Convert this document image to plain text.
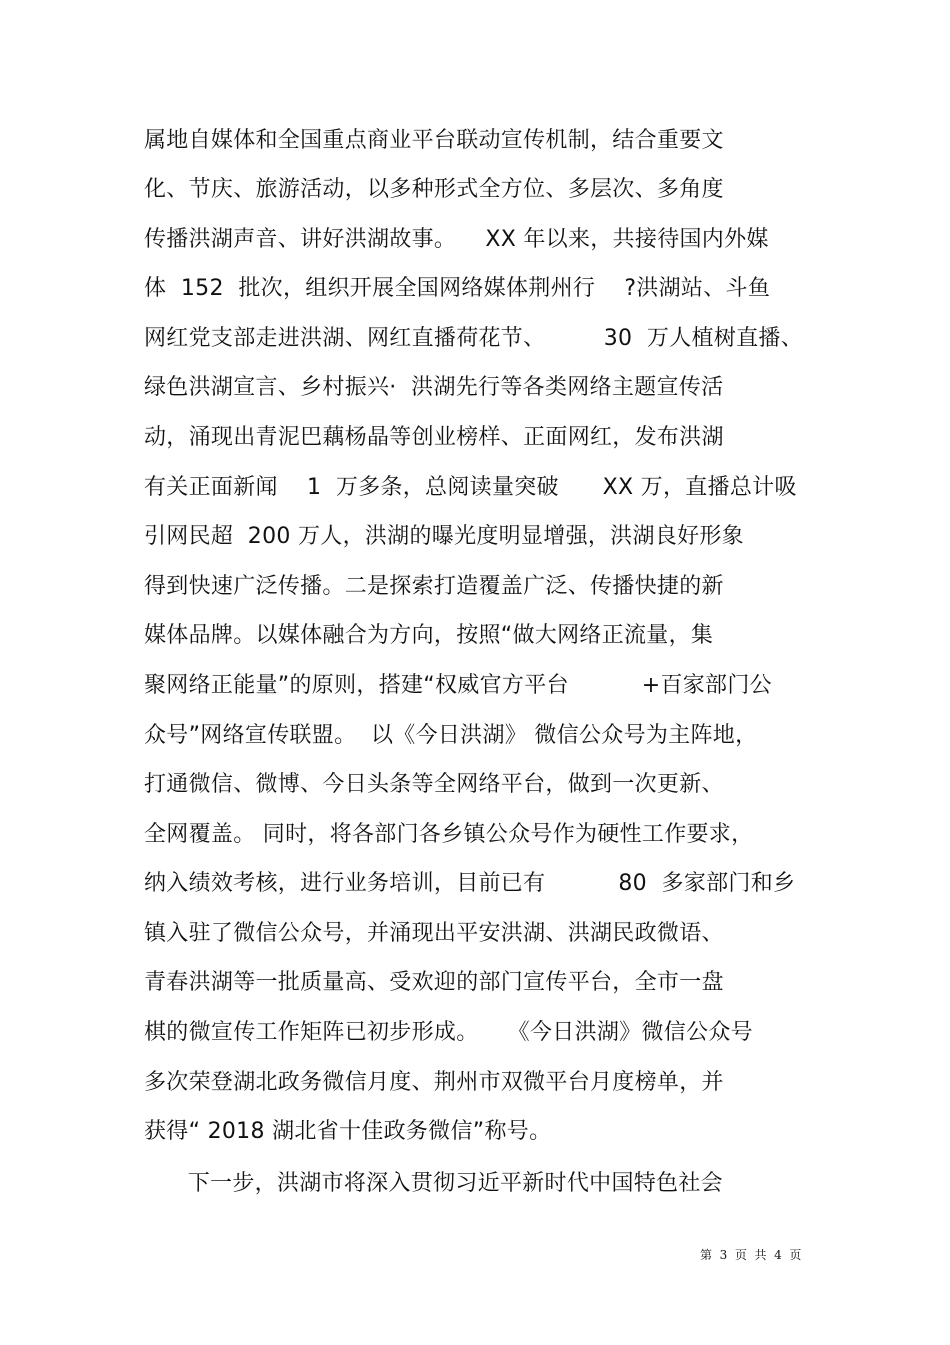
属地自媒体和全国重点商业平台联动宣传机制，结合重要文
化、节庆、旅游活动，以多种形式全方位、多层次、多角度
传播洪湖声音、讲好洪湖故事。    XX 年以来，共接待国内外媒
体  152  批次，组织开展全国网络媒体荆州行    ?洪湖站、斗鱼
网红党支部走进洪湖、网红直播荷花节、        30  万人植树直播、
绿色洪湖宣言、乡村振兴·  洪湖先行等各类网络主题宣传活
动，涌现出青泥巴藕杨晶等创业榜样、正面网红，发布洪湖
有关正面新闻    1  万多条，总阅读量突破      XX 万，直播总计吸
引网民超  200 万人，洪湖的曝光度明显增强，洪湖良好形象
得到快速广泛传播。二是探索打造覆盖广泛、传播快捷的新
媒体品牌。以媒体融合为方向，按照“做大网络正流量，集
聚网络正能量”的原则，搭建“权威官方平台          +百家部门公
众号”网络宣传联盟。  以《今日洪湖》 微信公众号为主阵地，
打通微信、微博、今日头条等全网络平台，做到一次更新、
全网覆盖。 同时，将各部门各乡镇公众号作为硬性工作要求，
纳入绩效考核，进行业务培训，目前已有          80  多家部门和乡
镇入驻了微信公众号，并涌现出平安洪湖、洪湖民政微语、
青春洪湖等一批质量高、受欢迎的部门宣传平台，全市一盘
棋的微宣传工作矩阵已初步形成。    《今日洪湖》微信公众号
多次荣登湖北政务微信月度、荆州市双微平台月度榜单，并
获得“ 2018 湖北省十佳政务微信”称号。
下一步，洪湖市将深入贯彻习近平新时代中国特色社会
第  3  页  共  4  页
